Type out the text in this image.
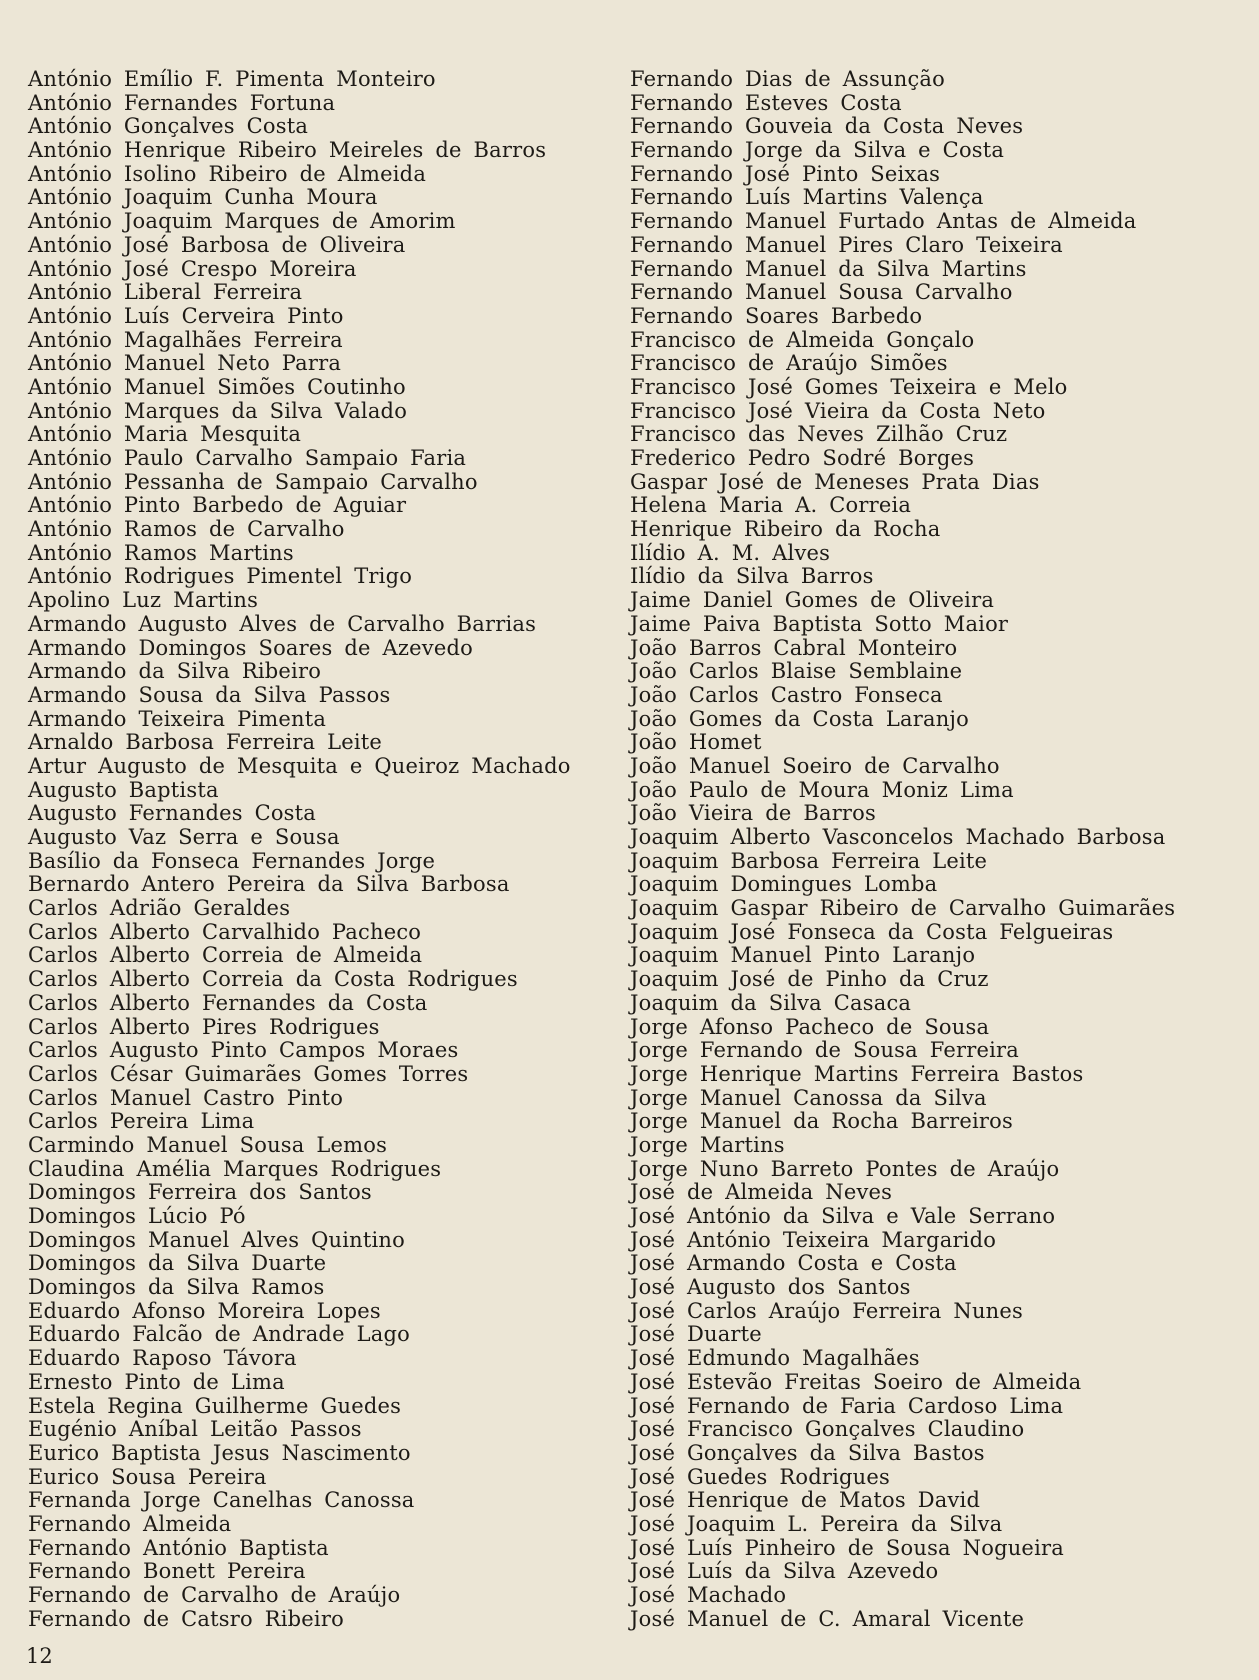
António Emílio F. Pimenta Monteiro
António Fernandes Fortuna
António Gonçalves Costa
António Henrique Ribeiro Meireles de Barros
António Isolino Ribeiro de Almeida
António Joaquim Cunha Moura
António Joaquim Marques de Amorim
António José Barbosa de Oliveira
António José Crespo Moreira
António Liberal Ferreira
António Luís Cerveira Pinto
António Magalhães Ferreira
António Manuel Neto Parra
António Manuel Simões Coutinho
António Marques da Silva Valado
António Maria Mesquita
António Paulo Carvalho Sampaio Faria
António Pessanha de Sampaio Carvalho
António Pinto Barbedo de Aguiar
António Ramos de Carvalho
António Ramos Martins
António Rodrigues Pimentel Trigo
Apolino Luz Martins
Armando Augusto Alves de Carvalho Barrias
Armando Domingos Soares de Azevedo
Armando da Silva Ribeiro
Armando Sousa da Silva Passos
Armando Teixeira Pimenta
Arnaldo Barbosa Ferreira Leite
Artur Augusto de Mesquita e Queiroz Machado
Augusto Baptista
Augusto Fernandes Costa
Augusto Vaz Serra e Sousa
Basílio da Fonseca Fernandes Jorge
Bernardo Antero Pereira da Silva Barbosa
Carlos Adrião Geraldes
Carlos Alberto Carvalhido Pacheco
Carlos Alberto Correia de Almeida
Carlos Alberto Correia da Costa Rodrigues
Carlos Alberto Fernandes da Costa
Carlos Alberto Pires Rodrigues
Carlos Augusto Pinto Campos Moraes
Carlos César Guimarães Gomes Torres
Carlos Manuel Castro Pinto
Carlos Pereira Lima
Carmindo Manuel Sousa Lemos
Claudina Amélia Marques Rodrigues
Domingos Ferreira dos Santos
Domingos Lúcio Pó
Domingos Manuel Alves Quintino
Domingos da Silva Duarte
Domingos da Silva Ramos
Eduardo Afonso Moreira Lopes
Eduardo Falcão de Andrade Lago
Eduardo Raposo Távora
Ernesto Pinto de Lima
Estela Regina Guilherme Guedes
Eugénio Aníbal Leitão Passos
Eurico Baptista Jesus Nascimento
Eurico Sousa Pereira
Fernanda Jorge Canelhas Canossa
Fernando Almeida
Fernando António Baptista
Fernando Bonett Pereira
Fernando de Carvalho de Araújo
Fernando de Catsro Ribeiro
Fernando Dias de Assunção
Fernando Esteves Costa
Fernando Gouveia da Costa Neves
Fernando Jorge da Silva e Costa
Fernando José Pinto Seixas
Fernando Luís Martins Valença
Fernando Manuel Furtado Antas de Almeida
Fernando Manuel Pires Claro Teixeira
Fernando Manuel da Silva Martins
Fernando Manuel Sousa Carvalho
Fernando Soares Barbedo
Francisco de Almeida Gonçalo
Francisco de Araújo Simões
Francisco José Gomes Teixeira e Melo
Francisco José Vieira da Costa Neto
Francisco das Neves Zilhão Cruz
Frederico Pedro Sodré Borges
Gaspar José de Meneses Prata Dias
Helena Maria A. Correia
Henrique Ribeiro da Rocha
Ilídio A. M. Alves
Ilídio da Silva Barros
Jaime Daniel Gomes de Oliveira
Jaime Paiva Baptista Sotto Maior
João Barros Cabral Monteiro
João Carlos Blaise Semblaine
João Carlos Castro Fonseca
João Gomes da Costa Laranjo
João Homet
João Manuel Soeiro de Carvalho
João Paulo de Moura Moniz Lima
João Vieira de Barros
Joaquim Alberto Vasconcelos Machado Barbosa
Joaquim Barbosa Ferreira Leite
Joaquim Domingues Lomba
Joaquim Gaspar Ribeiro de Carvalho Guimarães
Joaquim José Fonseca da Costa Felgueiras
Joaquim Manuel Pinto Laranjo
Joaquim José de Pinho da Cruz
Joaquim da Silva Casaca
Jorge Afonso Pacheco de Sousa
Jorge Fernando de Sousa Ferreira
Jorge Henrique Martins Ferreira Bastos
Jorge Manuel Canossa da Silva
Jorge Manuel da Rocha Barreiros
Jorge Martins
Jorge Nuno Barreto Pontes de Araújo
José de Almeida Neves
José António da Silva e Vale Serrano
José António Teixeira Margarido
José Armando Costa e Costa
José Augusto dos Santos
José Carlos Araújo Ferreira Nunes
José Duarte
José Edmundo Magalhães
José Estevão Freitas Soeiro de Almeida
José Fernando de Faria Cardoso Lima
José Francisco Gonçalves Claudino
José Gonçalves da Silva Bastos
José Guedes Rodrigues
José Henrique de Matos David
José Joaquim L. Pereira da Silva
José Luís Pinheiro de Sousa Nogueira
José Luís da Silva Azevedo
José Machado
José Manuel de C. Amaral Vicente
12
